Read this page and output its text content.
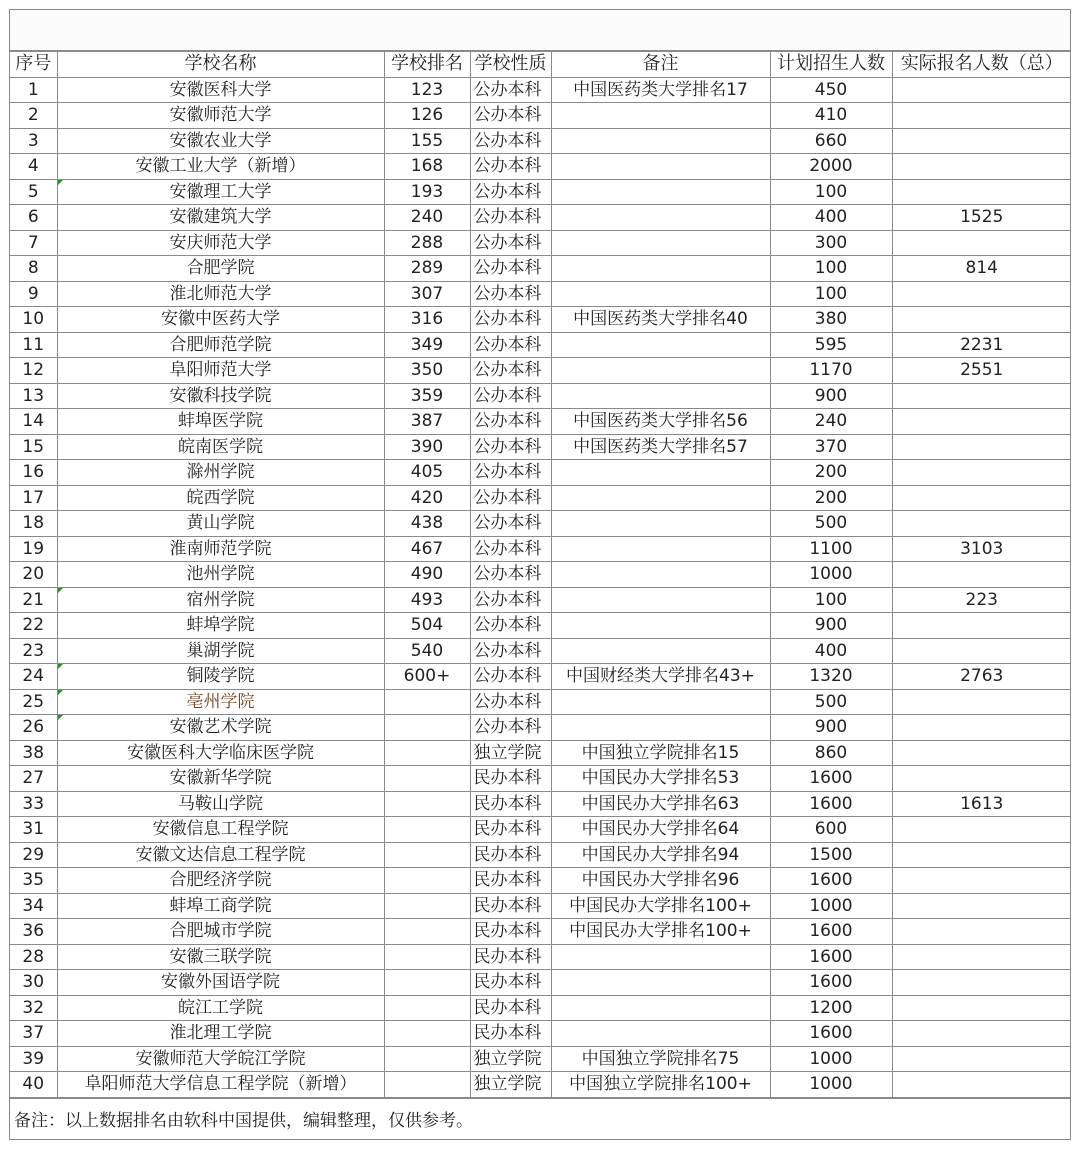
序号	学校名称	学校排名	学校性质	备注	计划招生人数	实际报名人数（总）
1	安徽医科大学	123	公办本科	中国医药类大学排名17	450	
2	安徽师范大学	126	公办本科		410	
3	安徽农业大学	155	公办本科		660	
4	安徽工业大学（新增）	168	公办本科		2000	
5	安徽理工大学	193	公办本科		100	
6	安徽建筑大学	240	公办本科		400	1525
7	安庆师范大学	288	公办本科		300	
8	合肥学院	289	公办本科		100	814
9	淮北师范大学	307	公办本科		100	
10	安徽中医药大学	316	公办本科	中国医药类大学排名40	380	
11	合肥师范学院	349	公办本科		595	2231
12	阜阳师范大学	350	公办本科		1170	2551
13	安徽科技学院	359	公办本科		900	
14	蚌埠医学院	387	公办本科	中国医药类大学排名56	240	
15	皖南医学院	390	公办本科	中国医药类大学排名57	370	
16	滁州学院	405	公办本科		200	
17	皖西学院	420	公办本科		200	
18	黄山学院	438	公办本科		500	
19	淮南师范学院	467	公办本科		1100	3103
20	池州学院	490	公办本科		1000	
21	宿州学院	493	公办本科		100	223
22	蚌埠学院	504	公办本科		900	
23	巢湖学院	540	公办本科		400	
24	铜陵学院	600+	公办本科	中国财经类大学排名43+	1320	2763
25	亳州学院		公办本科		500	
26	安徽艺术学院		公办本科		900	
38	安徽医科大学临床医学院		独立学院	中国独立学院排名15	860	
27	安徽新华学院		民办本科	中国民办大学排名53	1600	
33	马鞍山学院		民办本科	中国民办大学排名63	1600	1613
31	安徽信息工程学院		民办本科	中国民办大学排名64	600	
29	安徽文达信息工程学院		民办本科	中国民办大学排名94	1500	
35	合肥经济学院		民办本科	中国民办大学排名96	1600	
34	蚌埠工商学院		民办本科	中国民办大学排名100+	1000	
36	合肥城市学院		民办本科	中国民办大学排名100+	1600	
28	安徽三联学院		民办本科		1600	
30	安徽外国语学院		民办本科		1600	
32	皖江工学院		民办本科		1200	
37	淮北理工学院		民办本科		1600	
39	安徽师范大学皖江学院		独立学院	中国独立学院排名75	1000	
40	阜阳师范大学信息工程学院（新增）		独立学院	中国独立学院排名100+	1000	
备注：以上数据排名由软科中国提供，编辑整理，仅供参考。
